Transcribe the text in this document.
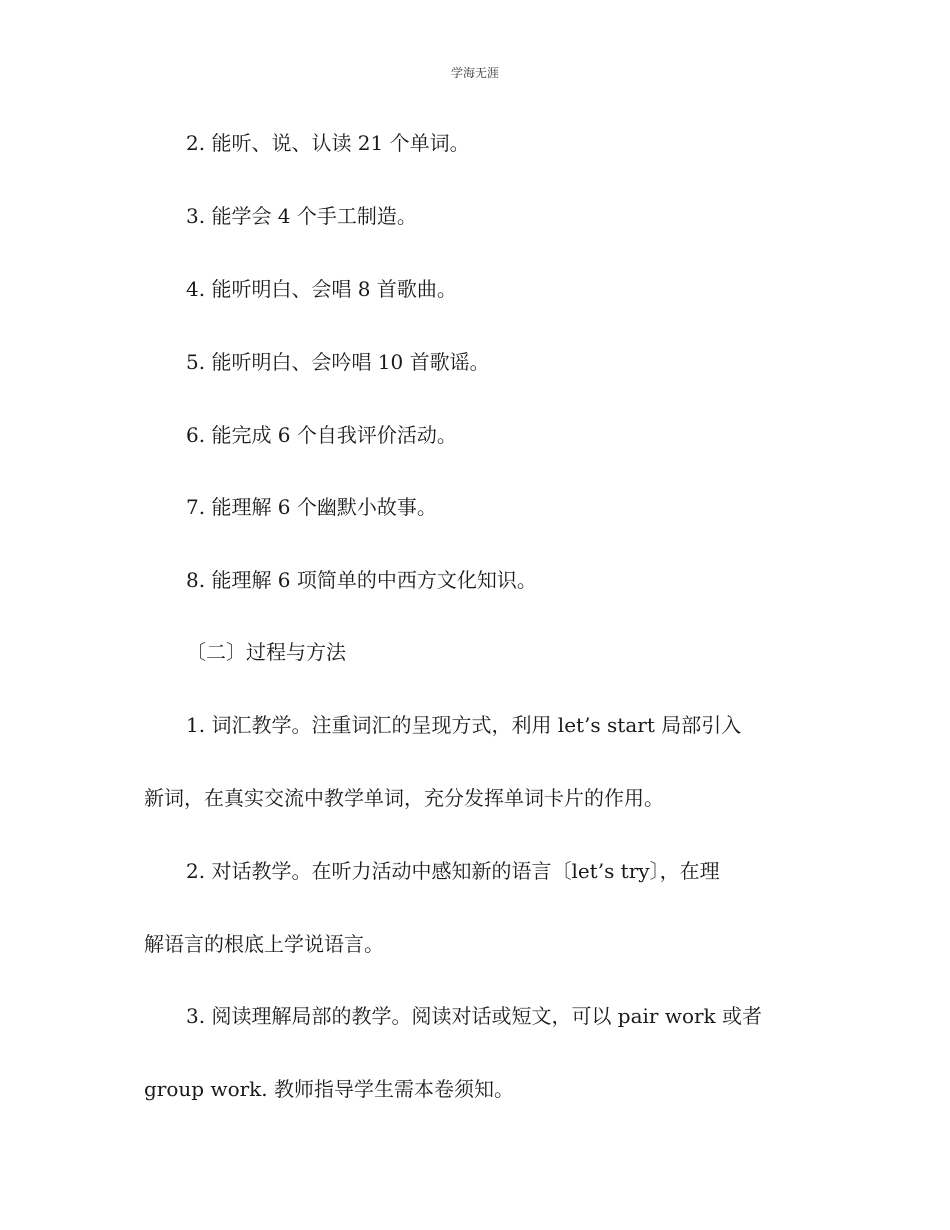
学海无涯
2. 能听、说、认读 21 个单词。
3. 能学会 4 个手工制造。
4. 能听明白、会唱 8 首歌曲。
5. 能听明白、会吟唱 10 首歌谣。
6. 能完成 6 个自我评价活动。
7. 能理解 6 个幽默小故事。
8. 能理解 6 项简单的中西方文化知识。
〔二〕过程与方法
1. 词汇教学。注重词汇的呈现方式，利用 let’s start 局部引入
新词，在真实交流中教学单词，充分发挥单词卡片的作用。
2. 对话教学。在听力活动中感知新的语言〔let’s try〕，在理
解语言的根底上学说语言。
3. 阅读理解局部的教学。阅读对话或短文，可以 pair work 或者
group work. 教师指导学生需本卷须知。
